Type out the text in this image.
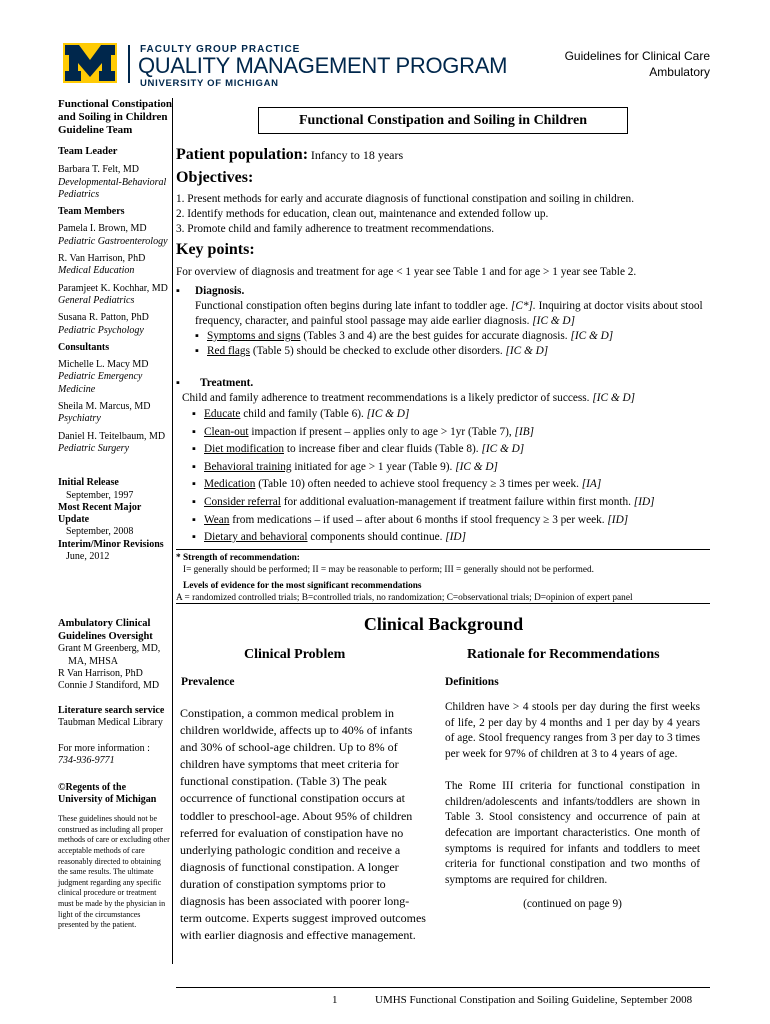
FACULTY GROUP PRACTICE
QUALITY MANAGEMENT PROGRAM
UNIVERSITY OF MICHIGAN
Guidelines for Clinical Care
Ambulatory
Functional Constipation and Soiling in Children Guideline Team
Team Leader
Barbara T. Felt, MD
Developmental-Behavioral Pediatrics
Team Members
Pamela I. Brown, MD
Pediatric Gastroenterology
R. Van Harrison, PhD
Medical Education
Paramjeet K. Kochhar, MD
General Pediatrics
Susana R. Patton, PhD
Pediatric Psychology
Consultants
Michelle L. Macy MD
Pediatric Emergency Medicine
Sheila M. Marcus, MD
Psychiatry
Daniel H. Teitelbaum, MD
Pediatric Surgery
Initial Release
September, 1997
Most Recent Major Update
September, 2008
Interim/Minor Revisions
June, 2012
Ambulatory Clinical Guidelines Oversight
Grant M Greenberg, MD,
MA, MHSA
R Van Harrison, PhD
Connie J Standiford, MD
Literature search service
Taubman Medical Library
For more information :
734-936-9771
©Regents of the University of Michigan
These guidelines should not be construed as including all proper methods of care or excluding other acceptable methods of care reasonably directed to obtaining the same results. The ultimate judgment regarding any specific clinical procedure or treatment must be made by the physician in light of the circumstances presented by the patient.
Functional Constipation and Soiling in Children
Patient population: Infancy to 18 years
Objectives:
1. Present methods for early and accurate diagnosis of functional constipation and soiling in children.
2. Identify methods for education, clean out, maintenance and extended follow up.
3. Promote child and family adherence to treatment recommendations.
Key points:
For overview of diagnosis and treatment for age < 1 year see Table 1 and for age > 1 year see Table 2.
▪ Diagnosis.
Functional constipation often begins during late infant to toddler age. [C*]. Inquiring at doctor visits about stool frequency, character, and painful stool passage may aide earlier diagnosis. [IC & D]
▪ Symptoms and signs (Tables 3 and 4) are the best guides for accurate diagnosis. [IC & D]
▪ Red flags (Table 5) should be checked to exclude other disorders. [IC & D]
▪ Treatment.
Child and family adherence to treatment recommendations is a likely predictor of success. [IC & D]
▪ Educate child and family (Table 6). [IC & D]
▪ Clean-out impaction if present – applies only to age > 1yr (Table 7), [IB]
▪ Diet modification to increase fiber and clear fluids (Table 8). [IC & D]
▪ Behavioral training initiated for age > 1 year (Table 9). [IC & D]
▪ Medication (Table 10) often needed to achieve stool frequency ≥ 3 times per week. [IA]
▪ Consider referral for additional evaluation-management if treatment failure within first month. [ID]
▪ Wean from medications – if used – after about 6 months if stool frequency ≥ 3 per week. [ID]
▪ Dietary and behavioral components should continue. [ID]
* Strength of recommendation:
I= generally should be performed; II = may be reasonable to perform; III = generally should not be performed.
Levels of evidence for the most significant recommendations
A = randomized controlled trials; B=controlled trials, no randomization; C=observational trials; D=opinion of expert panel
Clinical Background
Clinical Problem	Rationale for Recommendations
Prevalence	Definitions
Constipation, a common medical problem in children worldwide, affects up to 40% of infants and 30% of school-age children. Up to 8% of children have symptoms that meet criteria for functional constipation. (Table 3) The peak occurrence of functional constipation occurs at toddler to preschool-age. About 95% of children referred for evaluation of constipation have no underlying pathologic condition and receive a diagnosis of functional constipation. A longer duration of constipation symptoms prior to diagnosis has been associated with poorer long-term outcome. Experts suggest improved outcomes with earlier diagnosis and effective management.
Children have > 4 stools per day during the first weeks of life, 2 per day by 4 months and 1 per day by 4 years of age. Stool frequency ranges from 3 per day to 3 times per week for 97% of children at 3 to 4 years of age.
The Rome III criteria for functional constipation in children/adolescents and infants/toddlers are shown in Table 3. Stool consistency and occurrence of pain at defecation are important characteristics. One month of symptoms is required for infants and toddlers to meet criteria for functional constipation and two months of symptoms are required for children.
(continued on page 9)
1	UMHS Functional Constipation and Soiling Guideline, September 2008
